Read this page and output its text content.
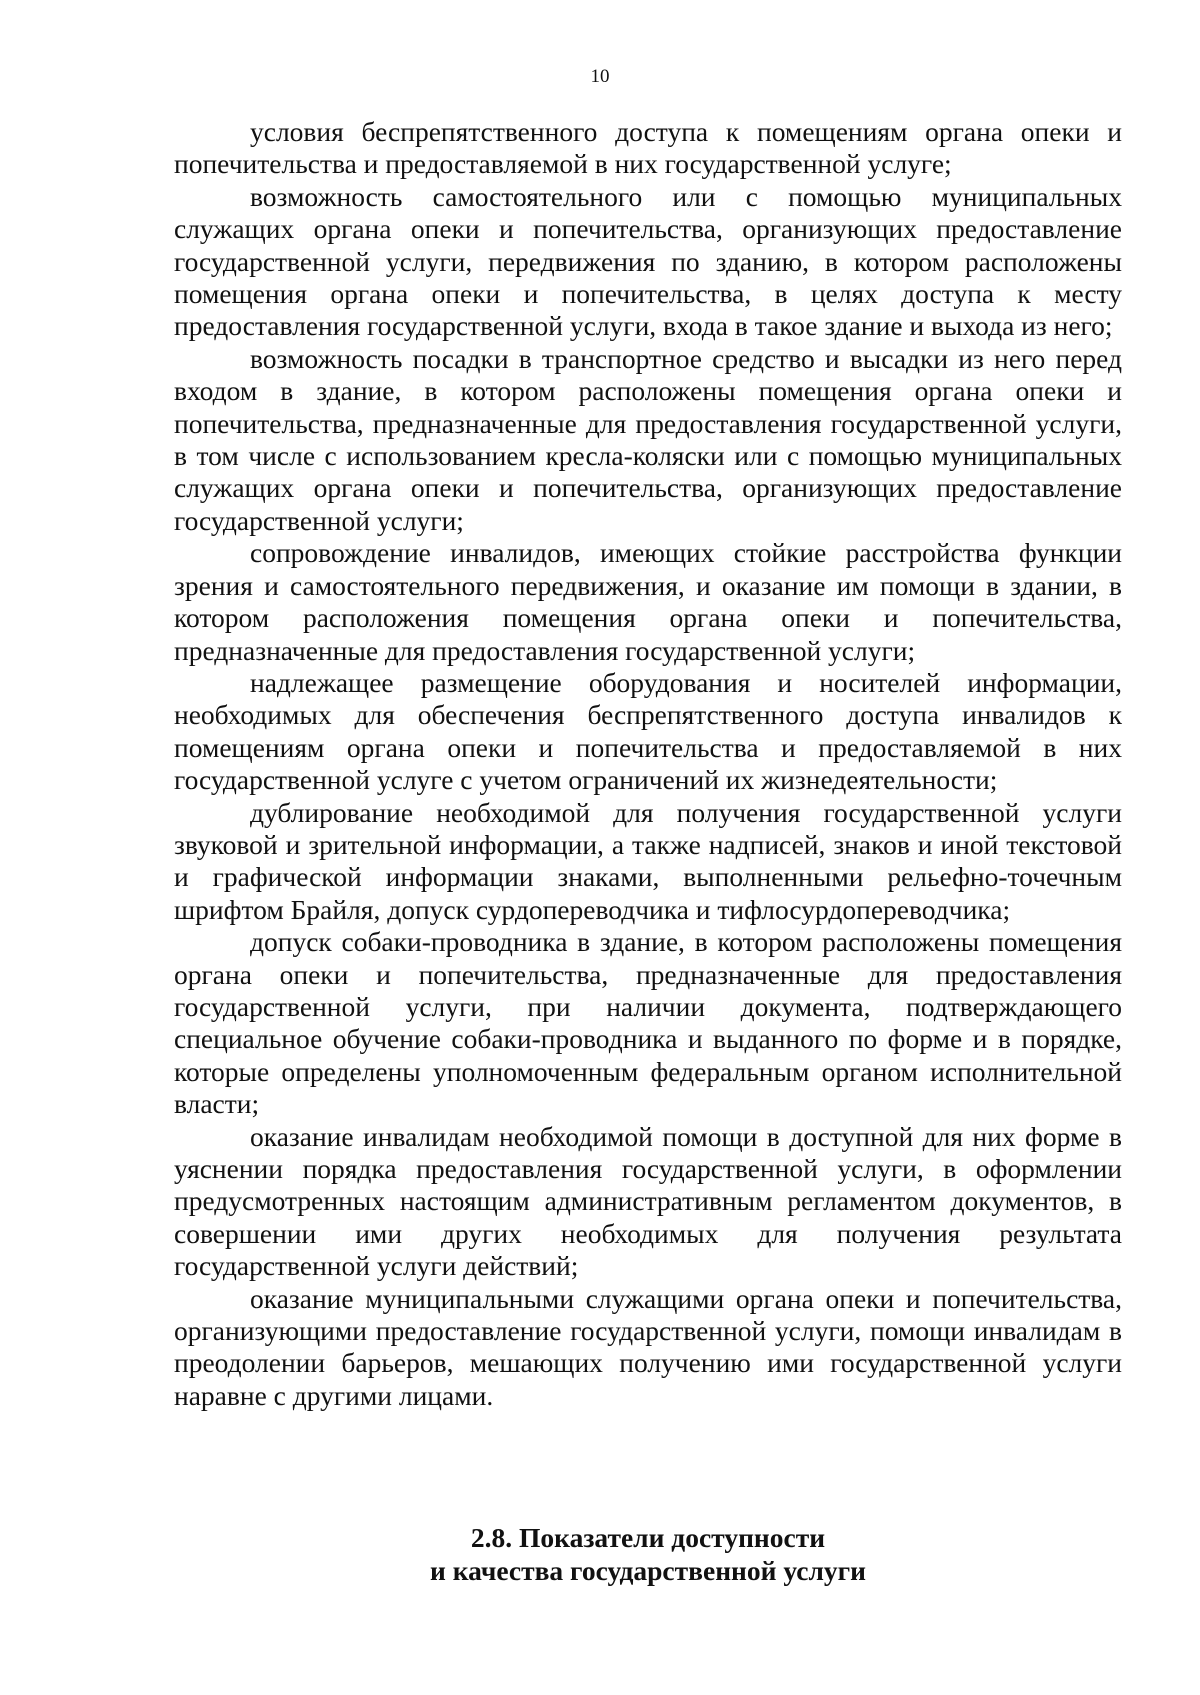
10

условия беспрепятственного доступа к помещениям органа опеки и попечительства и предоставляемой в них государственной услуге;

возможность самостоятельного или с помощью муниципальных служащих органа опеки и попечительства, организующих предоставление государственной услуги, передвижения по зданию, в котором расположены помещения органа опеки и попечительства, в целях доступа к месту предоставления государственной услуги, входа в такое здание и выхода из него;

возможность посадки в транспортное средство и высадки из него перед входом в здание, в котором расположены помещения органа опеки и попечительства, предназначенные для предоставления государственной услуги, в том числе с использованием кресла-коляски или с помощью муниципальных служащих органа опеки и попечительства, организующих предоставление государственной услуги;

сопровождение инвалидов, имеющих стойкие расстройства функции зрения и самостоятельного передвижения, и оказание им помощи в здании, в котором расположения помещения органа опеки и попечительства, предназначенные для предоставления государственной услуги;

надлежащее размещение оборудования и носителей информации, необходимых для обеспечения беспрепятственного доступа инвалидов к помещениям органа опеки и попечительства и предоставляемой в них государственной услуге с учетом ограничений их жизнедеятельности;

дублирование необходимой для получения государственной услуги звуковой и зрительной информации, а также надписей, знаков и иной текстовой и графической информации знаками, выполненными рельефно-точечным шрифтом Брайля, допуск сурдопереводчика и тифлосурдопереводчика;

допуск собаки-проводника в здание, в котором расположены помещения органа опеки и попечительства, предназначенные для предоставления государственной услуги, при наличии документа, подтверждающего специальное обучение собаки-проводника и выданного по форме и в порядке, которые определены уполномоченным федеральным органом исполнительной власти;

оказание инвалидам необходимой помощи в доступной для них форме в уяснении порядка предоставления государственной услуги, в оформлении предусмотренных настоящим административным регламентом документов, в совершении ими других необходимых для получения результата государственной услуги действий;

оказание муниципальными служащими органа опеки и попечительства, организующими предоставление государственной услуги, помощи инвалидам в преодолении барьеров, мешающих получению ими государственной услуги наравне с другими лицами.

2.8. Показатели доступности
и качества государственной услуги
